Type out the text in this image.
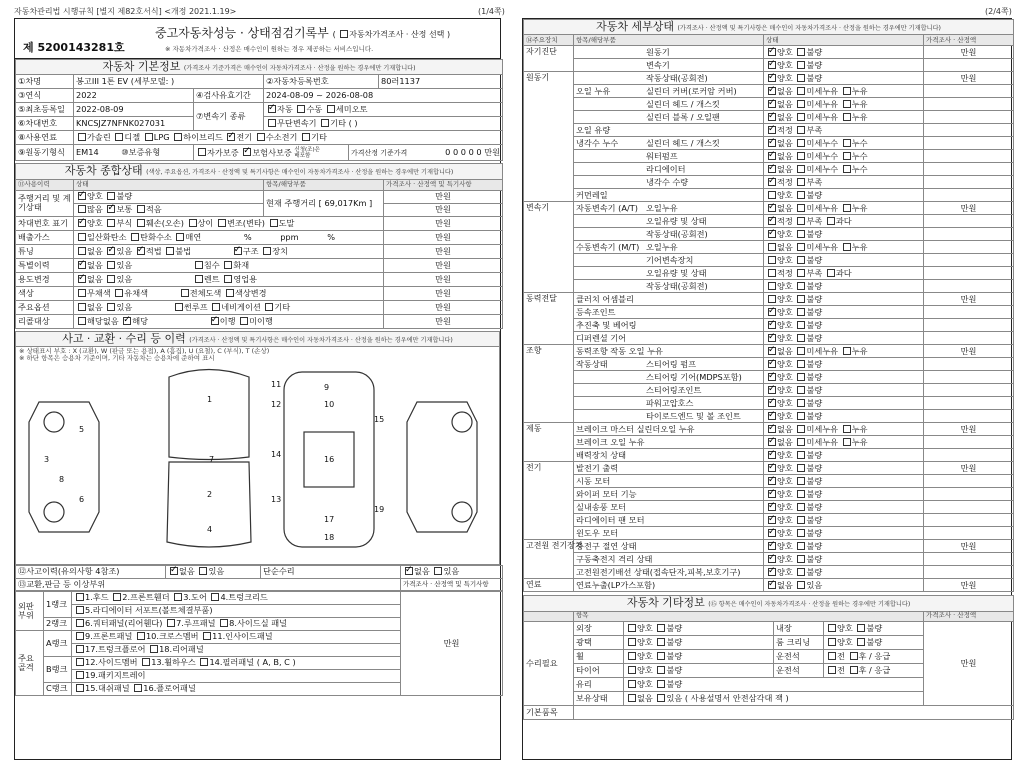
자동차관리법 시행규칙 [별지 제82호서식] <개정 2021.1.19>	(1/4쪽)	(2/4쪽)
제 5200143281호
중고자동차성능 · 상태점검기록부 ( 자동차가격조사 · 산정 선택 )
※ 자동차가격조사 · 산정은 매수인이 원하는 경우 제공하는 서비스입니다.
자동차 기본정보 (가격조사 기준가격은 매수인이 자동차가격조사 · 산정을 원하는 경우에만 기재합니다)					
①차명	봉고III 1톤 EV (세부모델: )		②자동차등록번호		80러1137
③연식	2022	④검사유효기간	2024-08-09 ~ 2026-08-08		
⑤최초등록일	2022-08-09	⑦변속기 종류	✓자동 수동 세미오토
⑥차대번호	KNCSJZ7NFNK027031		무단변속기 기타 ( )		
⑧사용연료	가솔린 디젤 LPG 하이브리드 ✓ 전기 수소전기 기타
⑨원동기형식	EM14 ⑩보증유형	자가보증 ✓ 보험사보증 신청(조)은 배포함		가격산정 기준가격 0 0 0 0 0 만원	
자동차 종합상태 (색상, 주요옵션, 가격조사 · 산정액 및 특기사항은 매수인이 자동차가격조사 · 산정을 원하는 경우에만 기재합니다)			
⑪사용이력	상태	항목/해당부품	가격조사 · 산정액 및 특기사항
주행거리 및 계기상태	✓양호 불량	현재 주행거리 [ 69,017Km ]	만원
	많음 ✓ 보통 적음		만원
차대번호 표기	✓양호 부식 훼손(오손) 상이 변조(변타) 도말		만원
배출가스	일산화탄소 탄화수소 매연 % ppm %		만원
튜닝	없음 ✓ 있음 ✓ 적법 불법 ✓ 구조 장치		만원
특별이력	✓없음 있음 침수 화재		만원
용도변경	✓없음 있음 렌트 영업용		만원
색상	무채색 유채색 전체도색 색상변경		만원
주요옵션	없음 있음 썬루프 네비게이션 기타		만원
리콜대상	해당없음 ✓ 해당 ✓ 이행 미이행		만원
사고 · 교환 · 수리 등 이력 (가격조사 · 산정액 및 특기사항은 매수인이 자동차가격조사 · 산정을 원하는 경우에만 기재합니다)

※ 상태표시 부호 : X (교환), W (판금 또는 용접), A (흠집), U (요철), C (부식), T (손상)
※ 하단 항목은 승용차 기준이며, 기타 자동차는 승용차에 준하여 표시
1
2
3
4
5
6
7
8
9
10
11
12
13
14
15
16
17
18
19
⑫사고이력(유의사항 4참조)	✓없음 있음	단순수리	✓없음 있음
⑬교환,판금 등 이상부위			가격조사 · 산정액 및 특기사항
외판 부위	1랭크	1.후드 2.프론트휀더 3.도어 4.트렁크리드	만원
		5.라디에이터 서포트(볼트체결부품)	
	2랭크	6.쿼터패널(리어휀다) 7.루프패널 8.사이드실 패널	
주요 골격	A랭크	9.프론트패널 10.크로스멤버 11.인사이드패널	
		17.트렁크플로어 18.리어패널	
	B랭크	12.사이드멤버 13.휠하우스 14.필러패널 ( A, B, C )	
		19.패키지트레이	
	C랭크	15.대쉬패널 16.플로어패널	
자동차 세부상태 (가격조사 · 산정액 및 특기사항은 매수인이 자동차가격조사 · 산정을 원하는 경우에만 기재합니다)			
⑭주요장치	항목/해당부품	상태	가격조사 · 산정액
자기진단	원동기	✓양호 불량	만원
	변속기	✓양호 불량	
원동기	작동상태(공회전)	✓양호 불량	만원
	오일 누유 실린더 커버(로커암 커버)	✓없음 미세누유 누유	
	실린더 헤드 / 개스킷	✓없음 미세누유 누유	
	실린더 블록 / 오일팬	✓없음 미세누유 누유	
	오일 유량	✓적정 부족	
	냉각수 누수 실린더 헤드 / 개스킷	✓없음 미세누수 누수	
	워터펌프	✓없음 미세누수 누수	
	라디에이터	✓없음 미세누수 누수	
	냉각수 수량	✓적정 부족	
	커먼레일	양호 불량	
변속기	자동변속기 (A/T) 오일누유	✓없음 미세누유 누유	만원
	오일유량 및 상태	✓적정 부족 과다	
	작동상태(공회전)	✓양호 불량	
	수동변속기 (M/T) 오일누유	없음 미세누유 누유	
	기어변속장치	양호 불량	
	오일유량 및 상태	적정 부족 과다	
	작동상태(공회전)	양호 불량	
동력전달	클러치 어셈블리	양호 불량	만원
	등속조인트	✓양호 불량	
	추진축 및 베어링	✓양호 불량	
	디퍼렌셜 기어	✓양호 불량	
조향	동력조향 작동 오일 누유	✓없음 미세누유 누유	만원
	작동상태 스티어링 펌프	✓양호 불량	
	스티어링 기어(MDPS포함)	✓양호 불량	
	스티어링조인트	✓양호 불량	
	파워고압호스	✓양호 불량	
	타이로드엔드 및 볼 조인트	✓양호 불량	
제동	브레이크 마스터 실린더오일 누유	✓없음 미세누유 누유	만원
	브레이크 오일 누유	✓없음 미세누유 누유	
	배력장치 상태	✓양호 불량	
전기	발전기 출력	✓양호 불량	만원
	시동 모터	✓양호 불량	
	와이퍼 모터 기능	✓양호 불량	
	실내송풍 모터	✓양호 불량	
	라디에이터 팬 모터	✓양호 불량	
	윈도우 모터	✓양호 불량	
고전원 전기장치	충전구 절연 상태	✓양호 불량	만원
	구동축전지 격리 상태	✓양호 불량	
	고전원전기배선 상태(접속단자,피복,보호기구)	✓양호 불량	
연료	연료누출(LP가스포함)	✓없음 있음	만원
자동차 기타정보 (⑮ 항목은 매수인이 자동차가격조사 · 산정을 원하는 경우에만 기재합니다)					
	항목				가격조사 · 산정액
수리필요	외장	양호 불량	내장	양호 불량	만원
	광택	양호 불량	룸 크리닝	양호 불량	
	휠	양호 불량	운전석	전 후 / 응급	
	타이어	양호 불량	운전석	전 후 / 응급	
	유리	양호 불량			
	보유상태	없음 있음 ( 사용설명서 안전삼각대 잭 )			
기본품목					
